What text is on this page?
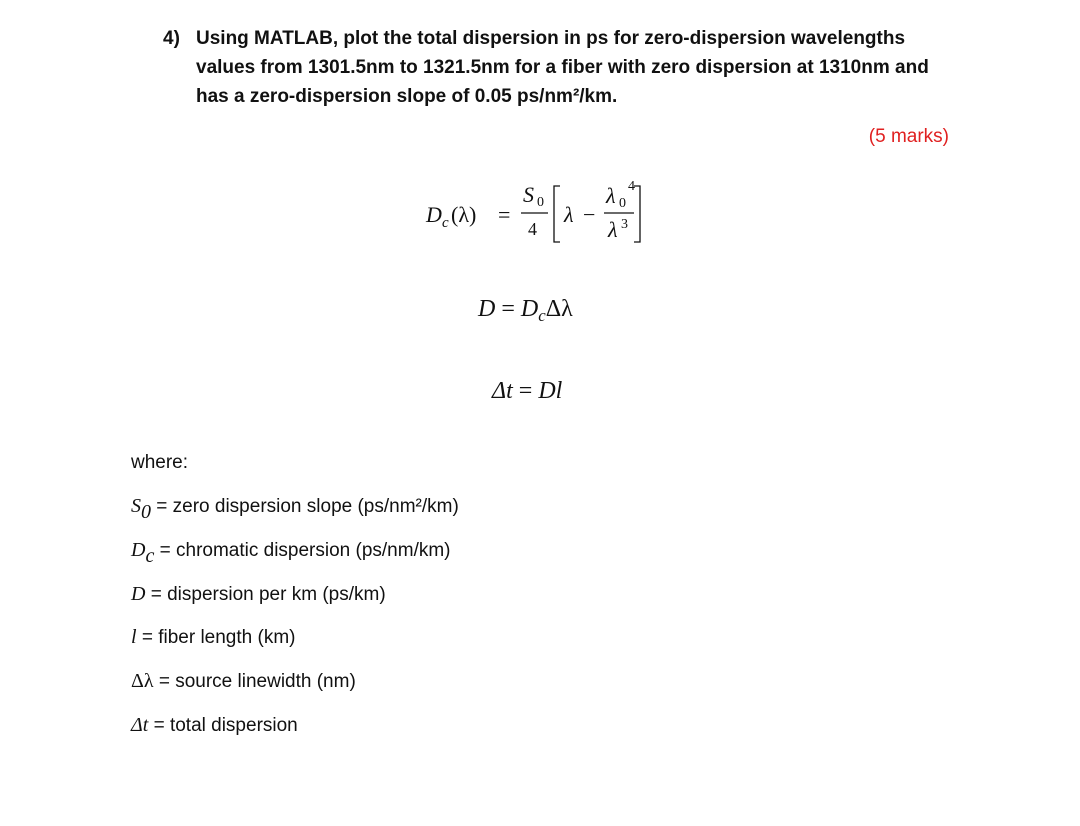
4) Using MATLAB, plot the total dispersion in ps for zero-dispersion wavelengths values from 1301.5nm to 1321.5nm for a fiber with zero dispersion at 1310nm and has a zero-dispersion slope of 0.05 ps/nm²/km.
(5 marks)
D c (λ) =
S 0
4
λ −
λ 0
4
λ 3
$D = D_c\Delta\lambda$
Δt = Dl
where:
S0 = zero dispersion slope (ps/nm²/km)
Dc = chromatic dispersion (ps/nm/km)
D = dispersion per km (ps/km)
l = fiber length (km)
Δλ = source linewidth (nm)
Δt = total dispersion
